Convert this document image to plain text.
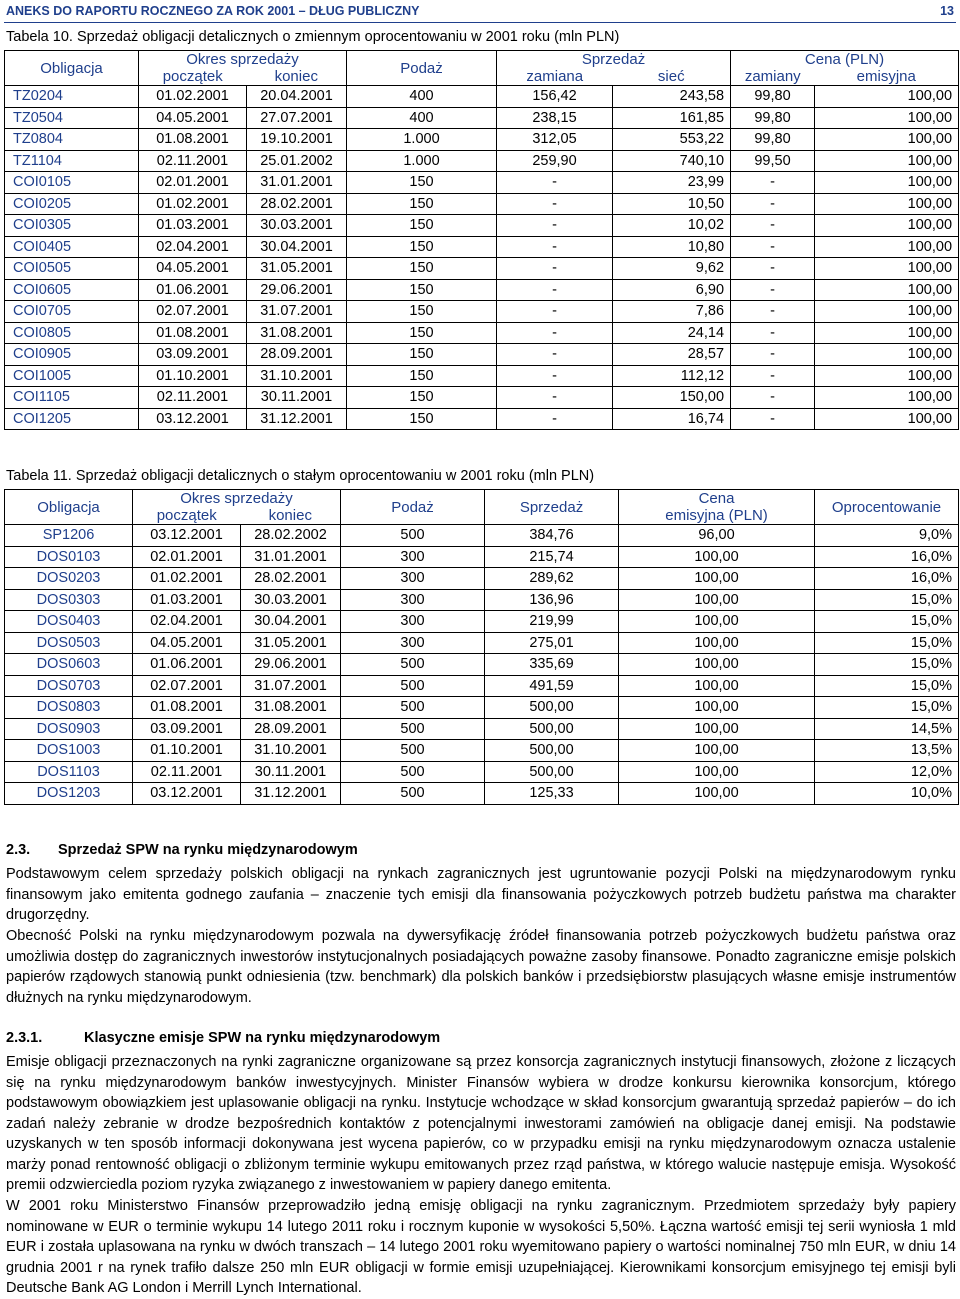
ANEKS DO RAPORTU ROCZNEGO ZA ROK 2001 – DŁUG PUBLICZNY	13
Tabela 10. Sprzedaż obligacji detalicznych o zmiennym oprocentowaniu w 2001 roku (mln PLN)
Obligacja	Okres sprzedaży		Podaż	Sprzedaż		Cena (PLN)	
	początek	koniec		zamiana	sieć	zamiany	emisyjna
TZ0204	01.02.2001	20.04.2001	400	156,42	243,58	99,80	100,00
TZ0504	04.05.2001	27.07.2001	400	238,15	161,85	99,80	100,00
TZ0804	01.08.2001	19.10.2001	1.000	312,05	553,22	99,80	100,00
TZ1104	02.11.2001	25.01.2002	1.000	259,90	740,10	99,50	100,00
COI0105	02.01.2001	31.01.2001	150	-	23,99	-	100,00
COI0205	01.02.2001	28.02.2001	150	-	10,50	-	100,00
COI0305	01.03.2001	30.03.2001	150	-	10,02	-	100,00
COI0405	02.04.2001	30.04.2001	150	-	10,80	-	100,00
COI0505	04.05.2001	31.05.2001	150	-	9,62	-	100,00
COI0605	01.06.2001	29.06.2001	150	-	6,90	-	100,00
COI0705	02.07.2001	31.07.2001	150	-	7,86	-	100,00
COI0805	01.08.2001	31.08.2001	150	-	24,14	-	100,00
COI0905	03.09.2001	28.09.2001	150	-	28,57	-	100,00
COI1005	01.10.2001	31.10.2001	150	-	112,12	-	100,00
COI1105	02.11.2001	30.11.2001	150	-	150,00	-	100,00
COI1205	03.12.2001	31.12.2001	150	-	16,74	-	100,00
Tabela 11. Sprzedaż obligacji detalicznych o stałym oprocentowaniu w 2001 roku (mln PLN)
Obligacja	Okres sprzedaży		Podaż	Sprzedaż	Cena	Oprocentowanie
	początek	koniec			emisyjna (PLN)	
SP1206	03.12.2001	28.02.2002	500	384,76	96,00	9,0%
DOS0103	02.01.2001	31.01.2001	300	215,74	100,00	16,0%
DOS0203	01.02.2001	28.02.2001	300	289,62	100,00	16,0%
DOS0303	01.03.2001	30.03.2001	300	136,96	100,00	15,0%
DOS0403	02.04.2001	30.04.2001	300	219,99	100,00	15,0%
DOS0503	04.05.2001	31.05.2001	300	275,01	100,00	15,0%
DOS0603	01.06.2001	29.06.2001	500	335,69	100,00	15,0%
DOS0703	02.07.2001	31.07.2001	500	491,59	100,00	15,0%
DOS0803	01.08.2001	31.08.2001	500	500,00	100,00	15,0%
DOS0903	03.09.2001	28.09.2001	500	500,00	100,00	14,5%
DOS1003	01.10.2001	31.10.2001	500	500,00	100,00	13,5%
DOS1103	02.11.2001	30.11.2001	500	500,00	100,00	12,0%
DOS1203	03.12.2001	31.12.2001	500	125,33	100,00	10,0%
2.3. Sprzedaż SPW na rynku międzynarodowym
Podstawowym celem sprzedaży polskich obligacji na rynkach zagranicznych jest ugruntowanie pozycji Polski na międzynarodowym rynku finansowym jako emitenta godnego zaufania – znaczenie tych emisji dla finansowania pożyczkowych potrzeb budżetu państwa ma charakter drugorzędny.
Obecność Polski na rynku międzynarodowym pozwala na dywersyfikację źródeł finansowania potrzeb pożyczkowych budżetu państwa oraz umożliwia dostęp do zagranicznych inwestorów instytucjonalnych posiadających poważne zasoby finansowe. Ponadto zagraniczne emisje polskich papierów rządowych stanowią punkt odniesienia (tzw. benchmark) dla polskich banków i przedsiębiorstw plasujących własne emisje instrumentów dłużnych na rynku międzynarodowym.
2.3.1.	Klasyczne emisje SPW na rynku międzynarodowym
Emisje obligacji przeznaczonych na rynki zagraniczne organizowane są przez konsorcja zagranicznych instytucji finansowych, złożone z liczących się na rynku międzynarodowym banków inwestycyjnych. Minister Finansów wybiera w drodze konkursu kierownika konsorcjum, którego podstawowym obowiązkiem jest uplasowanie obligacji na rynku. Instytucje wchodzące w skład konsorcjum gwarantują sprzedaż papierów – do ich zadań należy zebranie w drodze bezpośrednich kontaktów z potencjalnymi inwestorami zamówień na obligacje danej emisji. Na podstawie uzyskanych w ten sposób informacji dokonywana jest wycena papierów, co w przypadku emisji na rynku międzynarodowym oznacza ustalenie marży ponad rentowność obligacji o zbliżonym terminie wykupu emitowanych przez rząd państwa, w którego walucie następuje emisja. Wysokość premii odzwierciedla poziom ryzyka związanego z inwestowaniem w papiery danego emitenta.
W 2001 roku Ministerstwo Finansów przeprowadziło jedną emisję obligacji na rynku zagranicznym. Przedmiotem sprzedaży były papiery nominowane w EUR o terminie wykupu 14 lutego 2011 roku i rocznym kuponie w wysokości 5,50%. Łączna wartość emisji tej serii wyniosła 1 mld EUR i została uplasowana na rynku w dwóch transzach – 14 lutego 2001 roku wyemitowano papiery o wartości nominalnej 750 mln EUR, w dniu 14 grudnia 2001 r na rynek trafiło dalsze 250 mln EUR obligacji w formie emisji uzupełniającej. Kierownikami konsorcjum emisyjnego tej emisji byli Deutsche Bank AG London i Merrill Lynch International.
